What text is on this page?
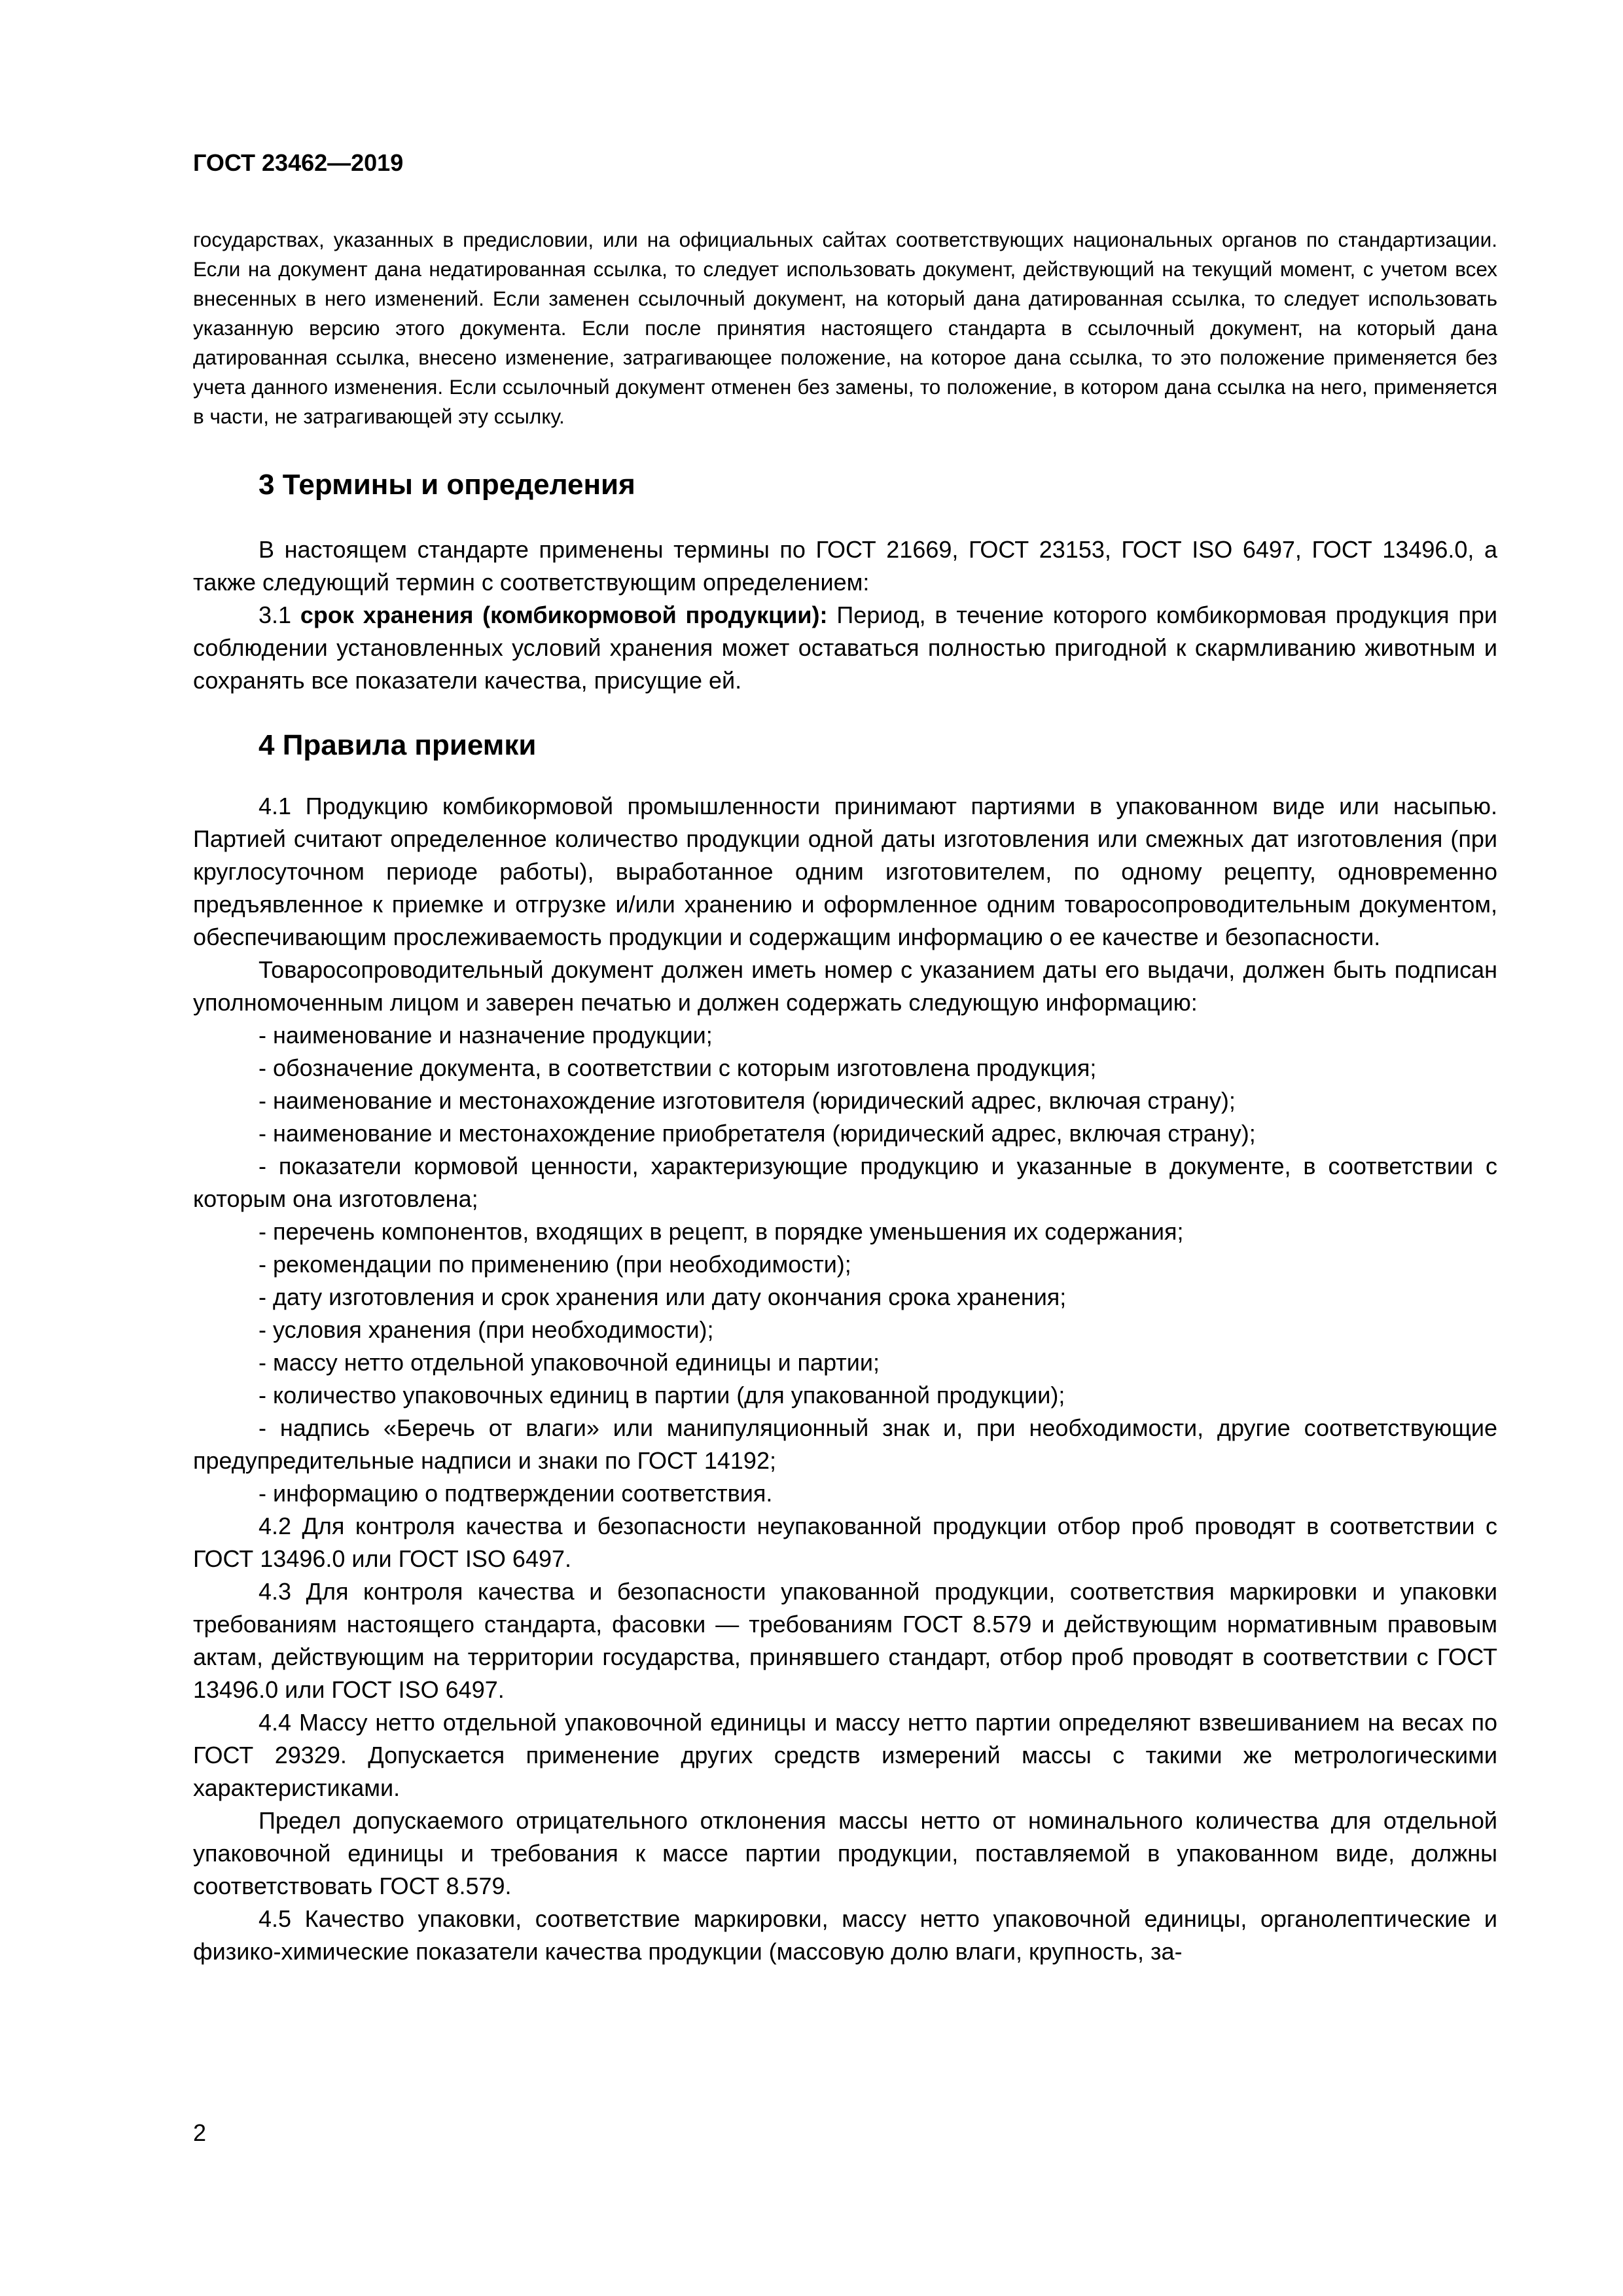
ГОСТ 23462—2019

государствах, указанных в предисловии, или на официальных сайтах соответствующих национальных органов по стандартизации. Если на документ дана недатированная ссылка, то следует использовать документ, действующий на текущий момент, с учетом всех внесенных в него изменений. Если заменен ссылочный документ, на который дана датированная ссылка, то следует использовать указанную версию этого документа. Если после принятия настоящего стандарта в ссылочный документ, на который дана датированная ссылка, внесено изменение, затрагивающее положение, на которое дана ссылка, то это положение применяется без учета данного изменения. Если ссылочный документ отменен без замены, то положение, в котором дана ссылка на него, применяется в части, не затрагивающей эту ссылку.

3 Термины и определения

В настоящем стандарте применены термины по ГОСТ 21669, ГОСТ 23153, ГОСТ ISO 6497, ГОСТ 13496.0, а также следующий термин с соответствующим определением:

3.1 срок хранения (комбикормовой продукции): Период, в течение которого комбикормовая продукция при соблюдении установленных условий хранения может оставаться полностью пригодной к скармливанию животным и сохранять все показатели качества, присущие ей.

4 Правила приемки

4.1 Продукцию комбикормовой промышленности принимают партиями в упакованном виде или насыпью. Партией считают определенное количество продукции одной даты изготовления или смежных дат изготовления (при круглосуточном периоде работы), выработанное одним изготовителем, по одному рецепту, одновременно предъявленное к приемке и отгрузке и/или хранению и оформленное одним товаросопроводительным документом, обеспечивающим прослеживаемость продукции и содержащим информацию о ее качестве и безопасности.

Товаросопроводительный документ должен иметь номер с указанием даты его выдачи, должен быть подписан уполномоченным лицом и заверен печатью и должен содержать следующую информацию:

- наименование и назначение продукции;

- обозначение документа, в соответствии с которым изготовлена продукция;

- наименование и местонахождение изготовителя (юридический адрес, включая страну);

- наименование и местонахождение приобретателя (юридический адрес, включая страну);

- показатели кормовой ценности, характеризующие продукцию и указанные в документе, в соответствии с которым она изготовлена;

- перечень компонентов, входящих в рецепт, в порядке уменьшения их содержания;

- рекомендации по применению (при необходимости);

- дату изготовления и срок хранения или дату окончания срока хранения;

- условия хранения (при необходимости);

- массу нетто отдельной упаковочной единицы и партии;

- количество упаковочных единиц в партии (для упакованной продукции);

- надпись «Беречь от влаги» или манипуляционный знак и, при необходимости, другие соответствующие предупредительные надписи и знаки по ГОСТ 14192;

- информацию о подтверждении соответствия.

4.2 Для контроля качества и безопасности неупакованной продукции отбор проб проводят в соответствии с ГОСТ 13496.0 или ГОСТ ISO 6497.

4.3 Для контроля качества и безопасности упакованной продукции, соответствия маркировки и упаковки требованиям настоящего стандарта, фасовки — требованиям ГОСТ 8.579 и действующим нормативным правовым актам, действующим на территории государства, принявшего стандарт, отбор проб проводят в соответствии с ГОСТ 13496.0 или ГОСТ ISO 6497.

4.4 Массу нетто отдельной упаковочной единицы и массу нетто партии определяют взвешиванием на весах по ГОСТ 29329. Допускается применение других средств измерений массы с такими же метрологическими характеристиками.

Предел допускаемого отрицательного отклонения массы нетто от номинального количества для отдельной упаковочной единицы и требования к массе партии продукции, поставляемой в упакованном виде, должны соответствовать ГОСТ 8.579.

4.5 Качество упаковки, соответствие маркировки, массу нетто упаковочной единицы, органолептические и физико-химические показатели качества продукции (массовую долю влаги, крупность, за-

2
